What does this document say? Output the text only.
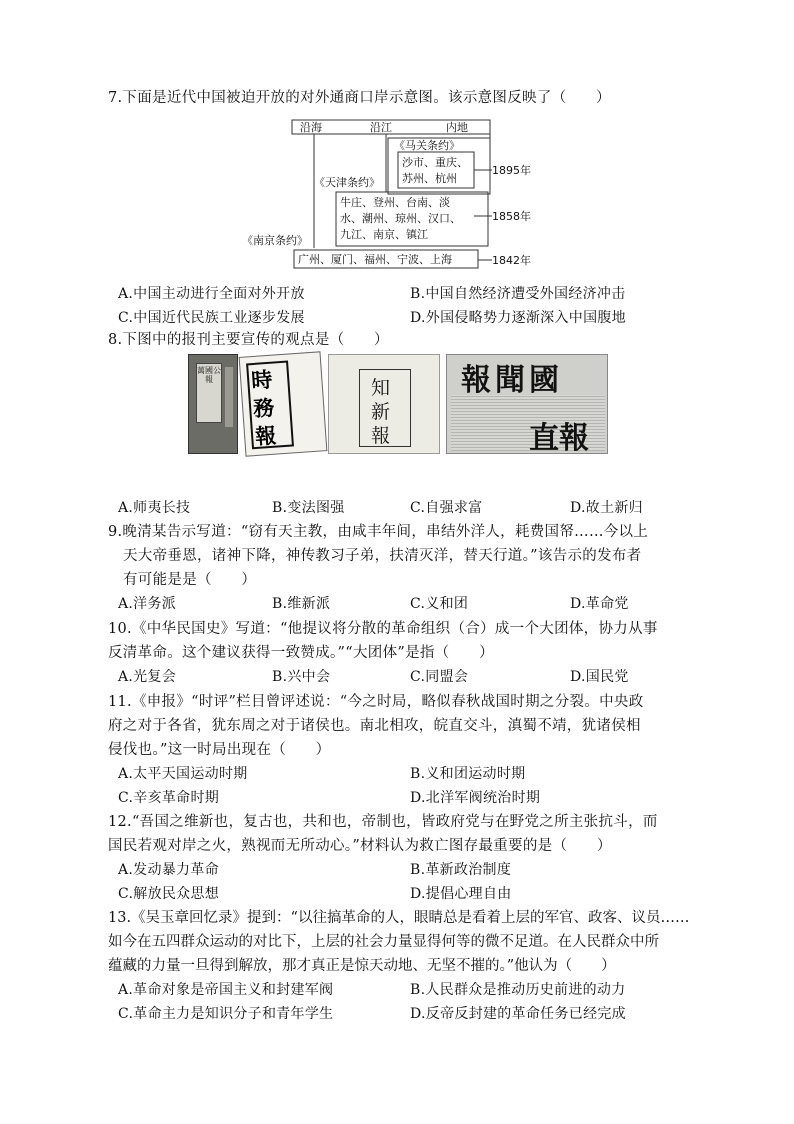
7.下面是近代中国被迫开放的对外通商口岸示意图。该示意图反映了（　　）
沿海	沿江	内地
《马关条约》
沙市、重庆、
苏州、杭州
1895年
《天津条约》
牛庄、登州、台南、淡
水、潮州、琼州、汉口、
九江、南京、镇江
1858年
《南京条约》
广州、厦门、福州、宁波、上海	1842年
A.中国主动进行全面对外开放	B.中国自然经济遭受外国经济冲击
C.中国近代民族工业逐步发展	D.外国侵略势力逐渐深入中国腹地
8.下图中的报刊主要宣传的观点是（　　）
萬國公報	時
務
報
知
新
報
報聞國
直報
A.师夷长技	B.变法图强	C.自强求富	D.故土新归
9.晚清某告示写道：“窃有天主教，由咸丰年间，串结外洋人，耗费国帑……今以上
天大帝垂恩，诸神下降，神传教习子弟，扶清灭洋，替天行道。”该告示的发布者
有可能是是（　　）
A.洋务派	B.维新派	C.义和团	D.革命党
10.《中华民国史》写道：“他提议将分散的革命组织（合）成一个大团体，协力从事
反清革命。这个建议获得一致赞成。”“大团体”是指（　　）
A.光复会	B.兴中会	C.同盟会	D.国民党
11.《申报》“时评”栏目曾评述说：“今之时局，略似春秋战国时期之分裂。中央政
府之对于各省，犹东周之对于诸侯也。南北相攻，皖直交斗，滇蜀不靖，犹诸侯相
侵伐也。”这一时局出现在（　　）
A.太平天国运动时期	B.义和团运动时期
C.辛亥革命时期	D.北洋军阀统治时期
12.“吾国之维新也，复古也，共和也，帝制也，皆政府党与在野党之所主张抗斗，而
国民若观对岸之火，熟视而无所动心。”材料认为救亡图存最重要的是（　　）
A.发动暴力革命	B.革新政治制度
C.解放民众思想	D.提倡心理自由
13.《吴玉章回忆录》提到：“以往搞革命的人，眼睛总是看着上层的军官、政客、议员……
如今在五四群众运动的对比下，上层的社会力量显得何等的微不足道。在人民群众中所
蕴藏的力量一旦得到解放，那才真正是惊天动地、无坚不摧的。”他认为（　　）
A.革命对象是帝国主义和封建军阀	B.人民群众是推动历史前进的动力
C.革命主力是知识分子和青年学生	D.反帝反封建的革命任务已经完成
